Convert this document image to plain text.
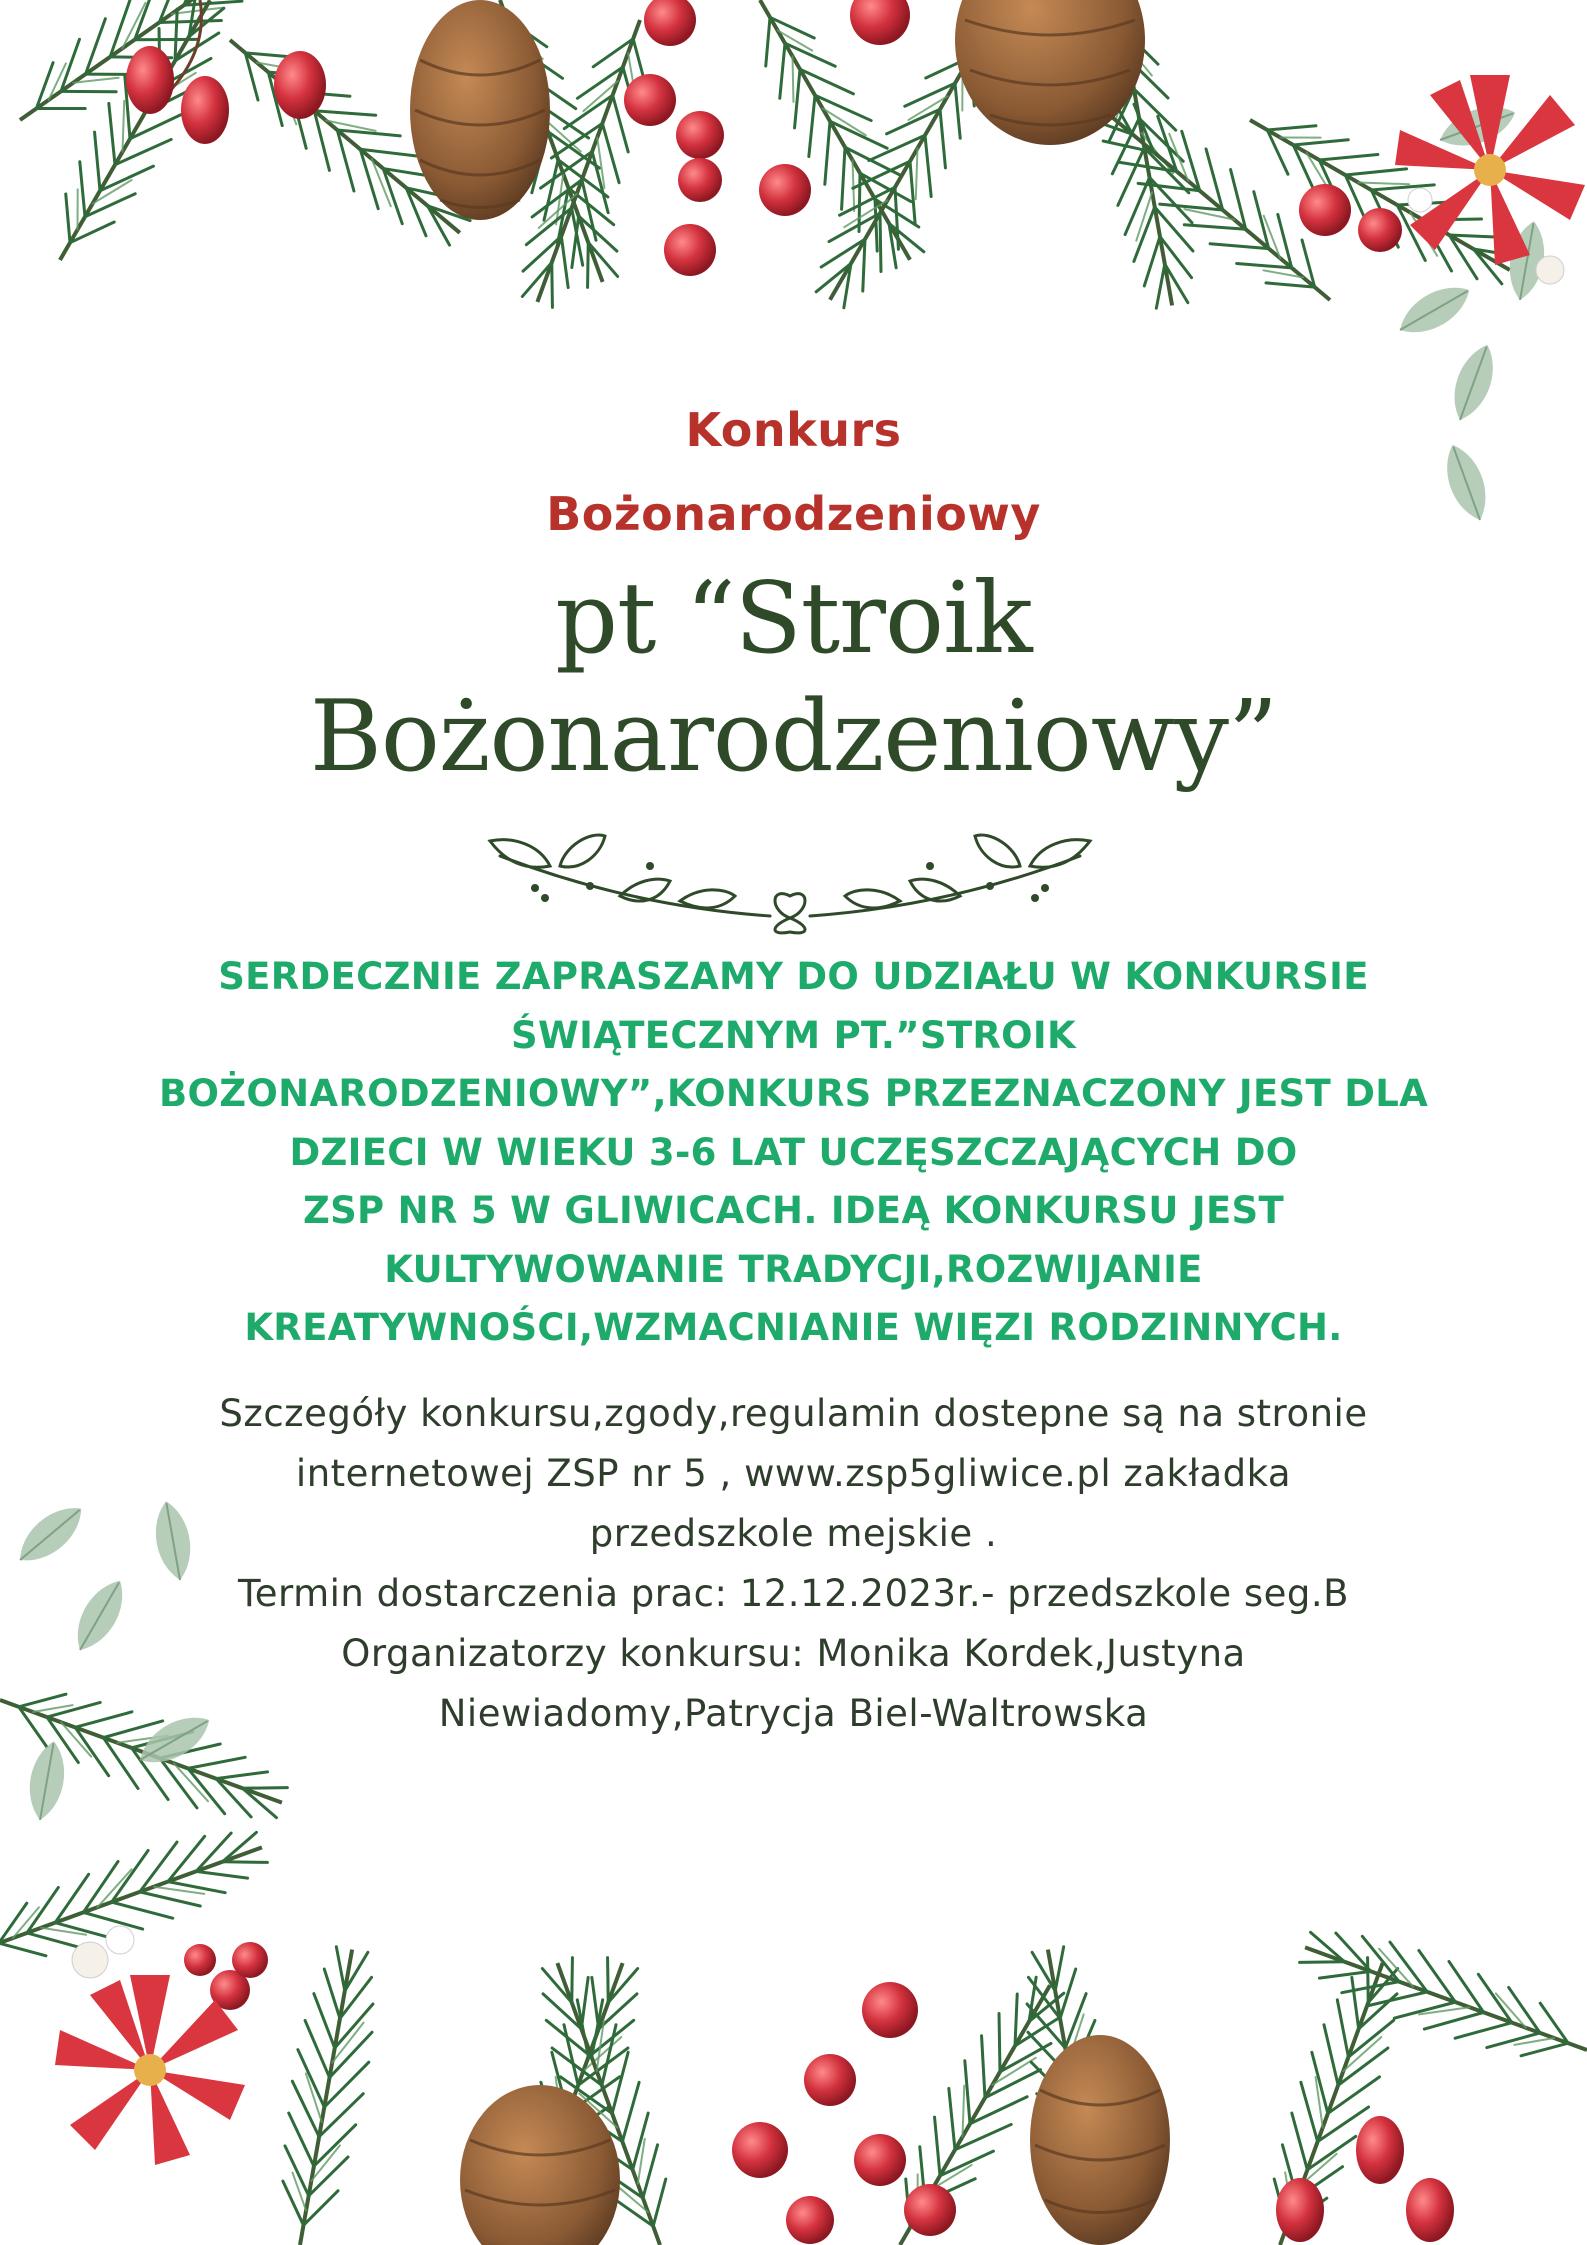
Konkurs
Bożonarodzeniowy
pt “Stroik
Bożonarodzeniowy”
SERDECZNIE ZAPRASZAMY DO UDZIAŁU W KONKURSIE
ŚWIĄTECZNYM PT.”STROIK
BOŻONARODZENIOWY”,KONKURS PRZEZNACZONY JEST DLA
DZIECI W WIEKU 3-6 LAT UCZĘSZCZAJĄCYCH DO
ZSP NR 5 W GLIWICACH. IDEĄ KONKURSU JEST
KULTYWOWANIE TRADYCJI,ROZWIJANIE
KREATYWNOŚCI,WZMACNIANIE WIĘZI RODZINNYCH.
Szczegóły konkursu,zgody,regulamin dostepne są na stronie
internetowej ZSP nr 5 , www.zsp5gliwice.pl zakładka
przedszkole mejskie .
Termin dostarczenia prac: 12.12.2023r.- przedszkole seg.B
Organizatorzy konkursu: Monika Kordek,Justyna
Niewiadomy,Patrycja Biel-Waltrowska
